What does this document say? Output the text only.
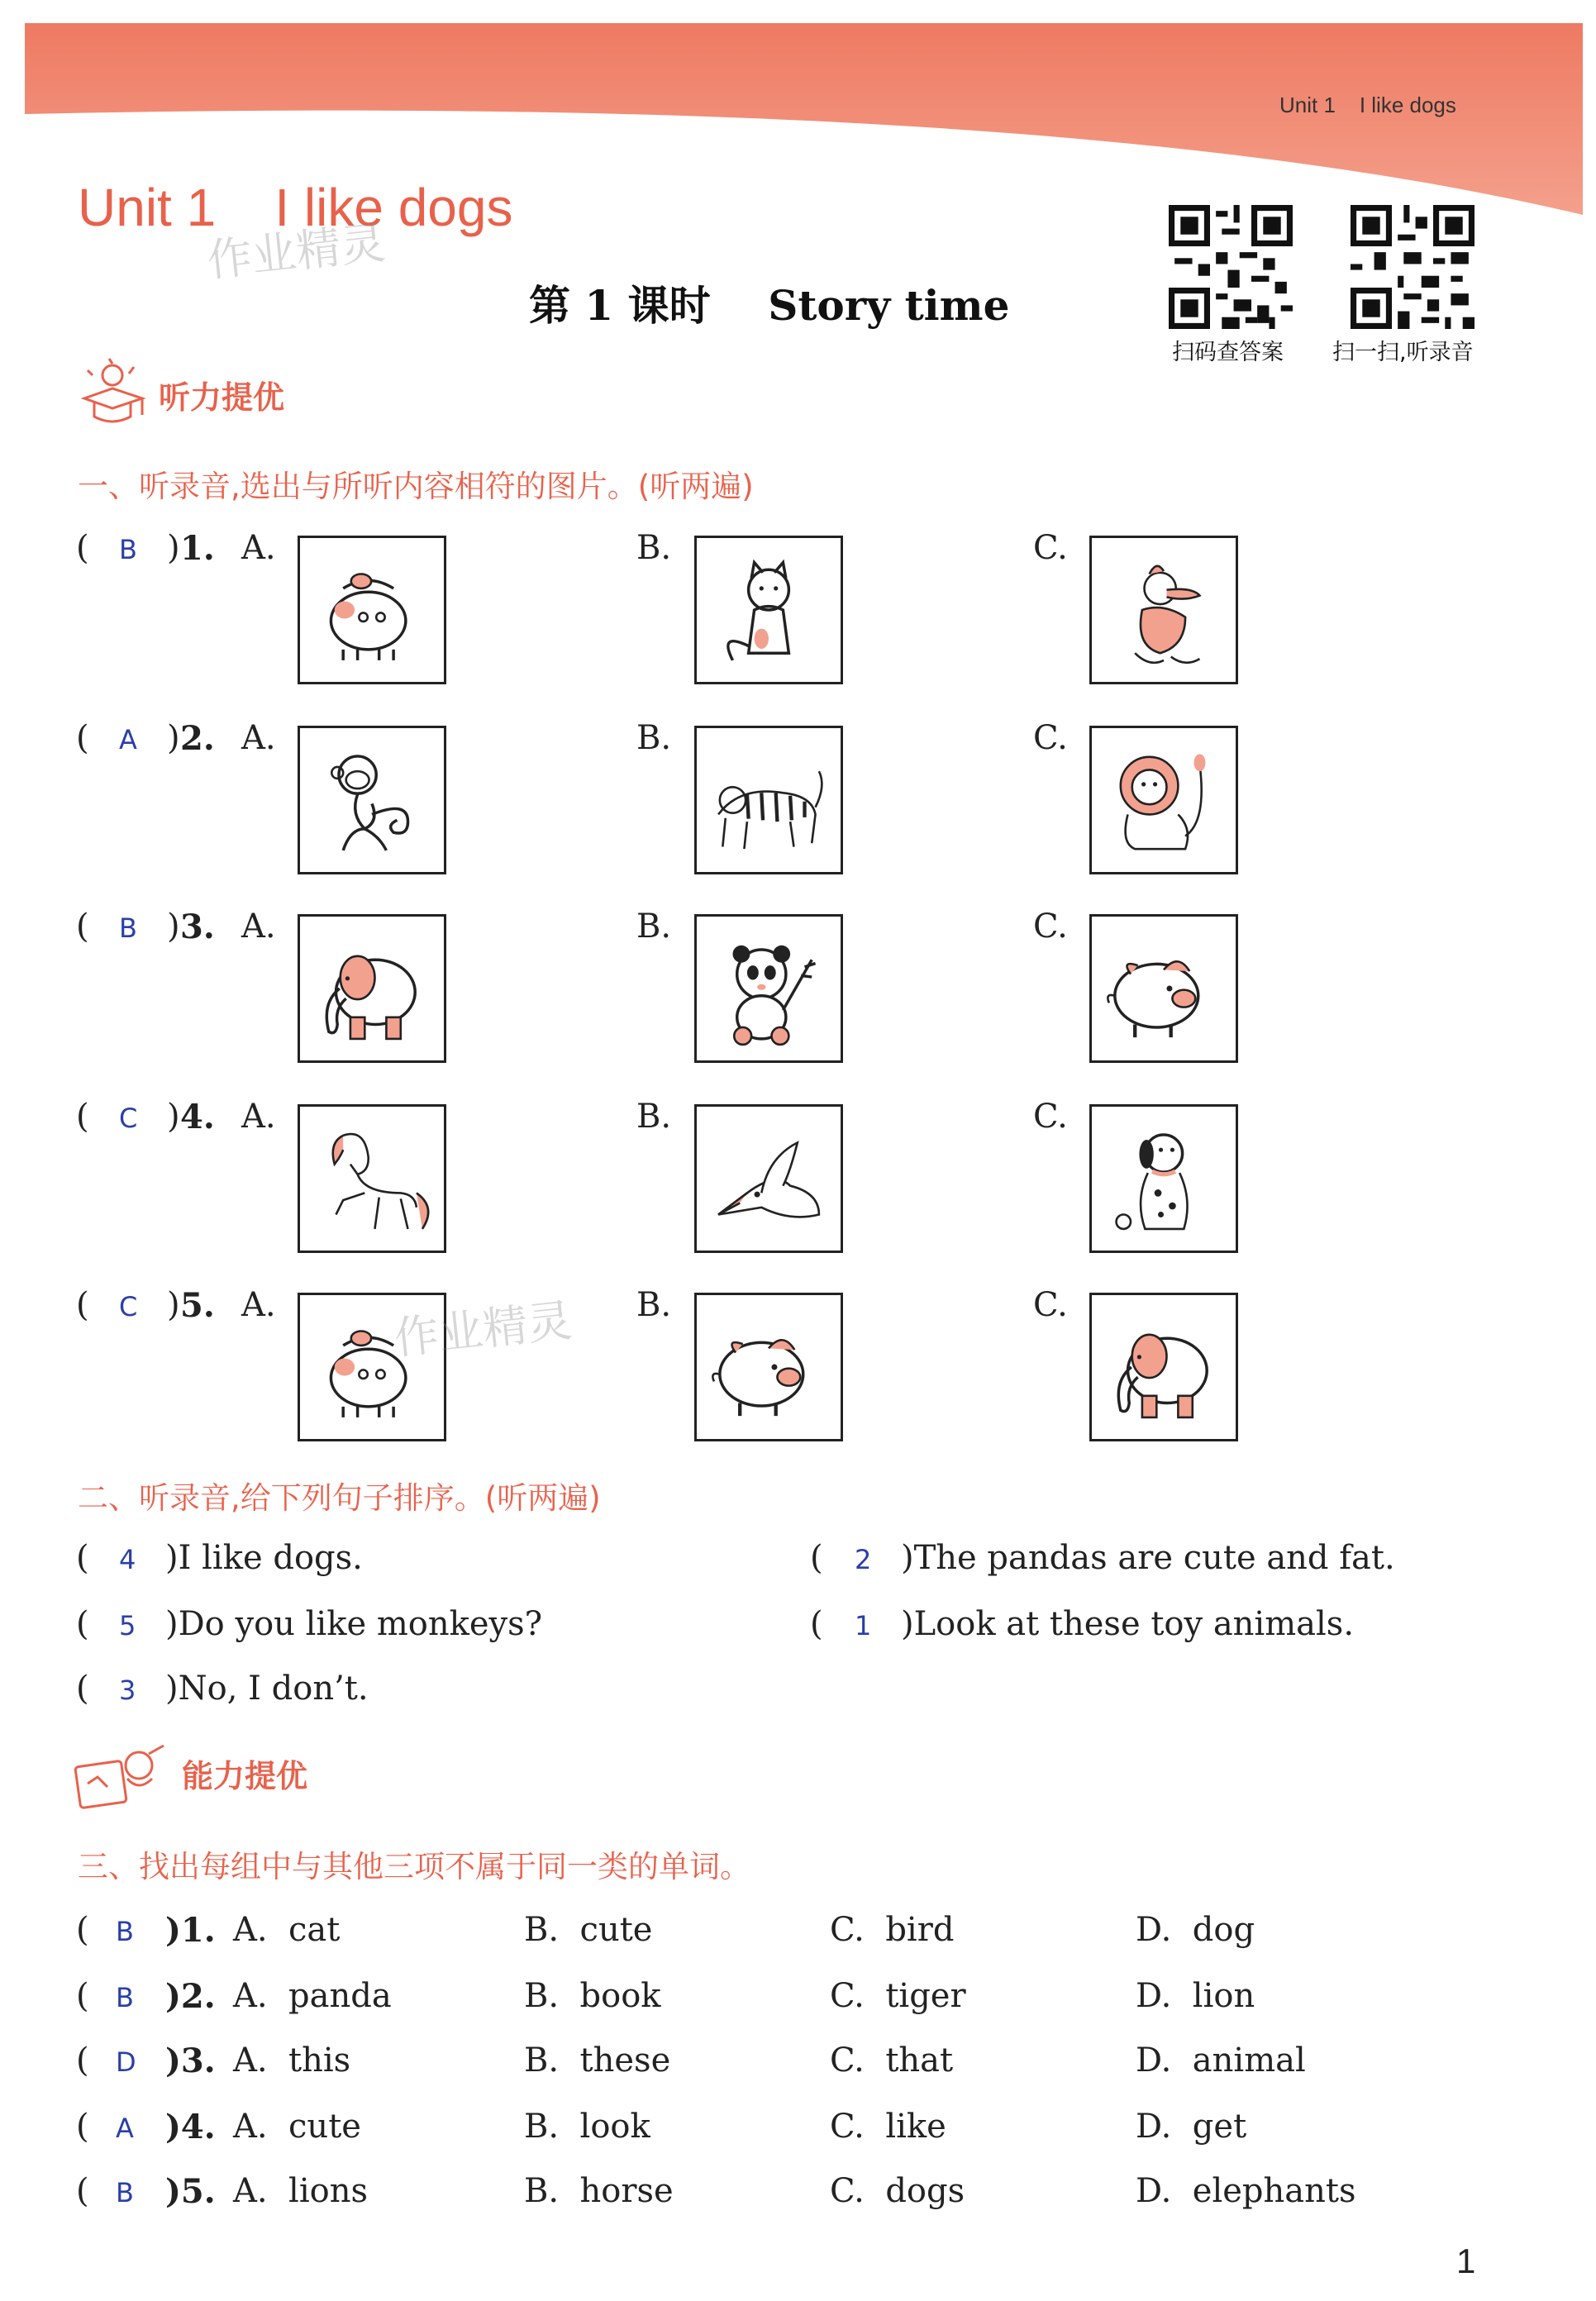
Unit 1    I like dogs
Unit 1    I like dogs
作业精灵
第 1 课时    Story time
扫码查答案 扫一扫,听录音
听力提优
一、听录音,选出与所听内容相符的图片。(听两遍)
( B ) 1. A.	B.	C.
( A ) 2. A.	B.	C.
( B ) 3. A.	B.	C.
( C ) 4. A.	B.	C.
( C ) 5. A.	B.	C.
二、听录音,给下列句子排序。(听两遍)
( 4 )I like dogs.	( 2 )The pandas are cute and fat.
( 5 )Do you like monkeys?	( 1 )Look at these toy animals.
( 3 )No, I don’t.
能力提优
三、找出每组中与其他三项不属于同一类的单词。
( B )1. A.  cat	B.  cute	C.  bird	D.  dog
( B )2. A.  panda	B.  book	C.  tiger	D.  lion
( D )3. A.  this	B.  these	C.  that	D.  animal
( A )4. A.  cute	B.  look	C.  like	D.  get
( B )5. A.  lions	B.  horse	C.  dogs	D.  elephants
作业精灵
1
